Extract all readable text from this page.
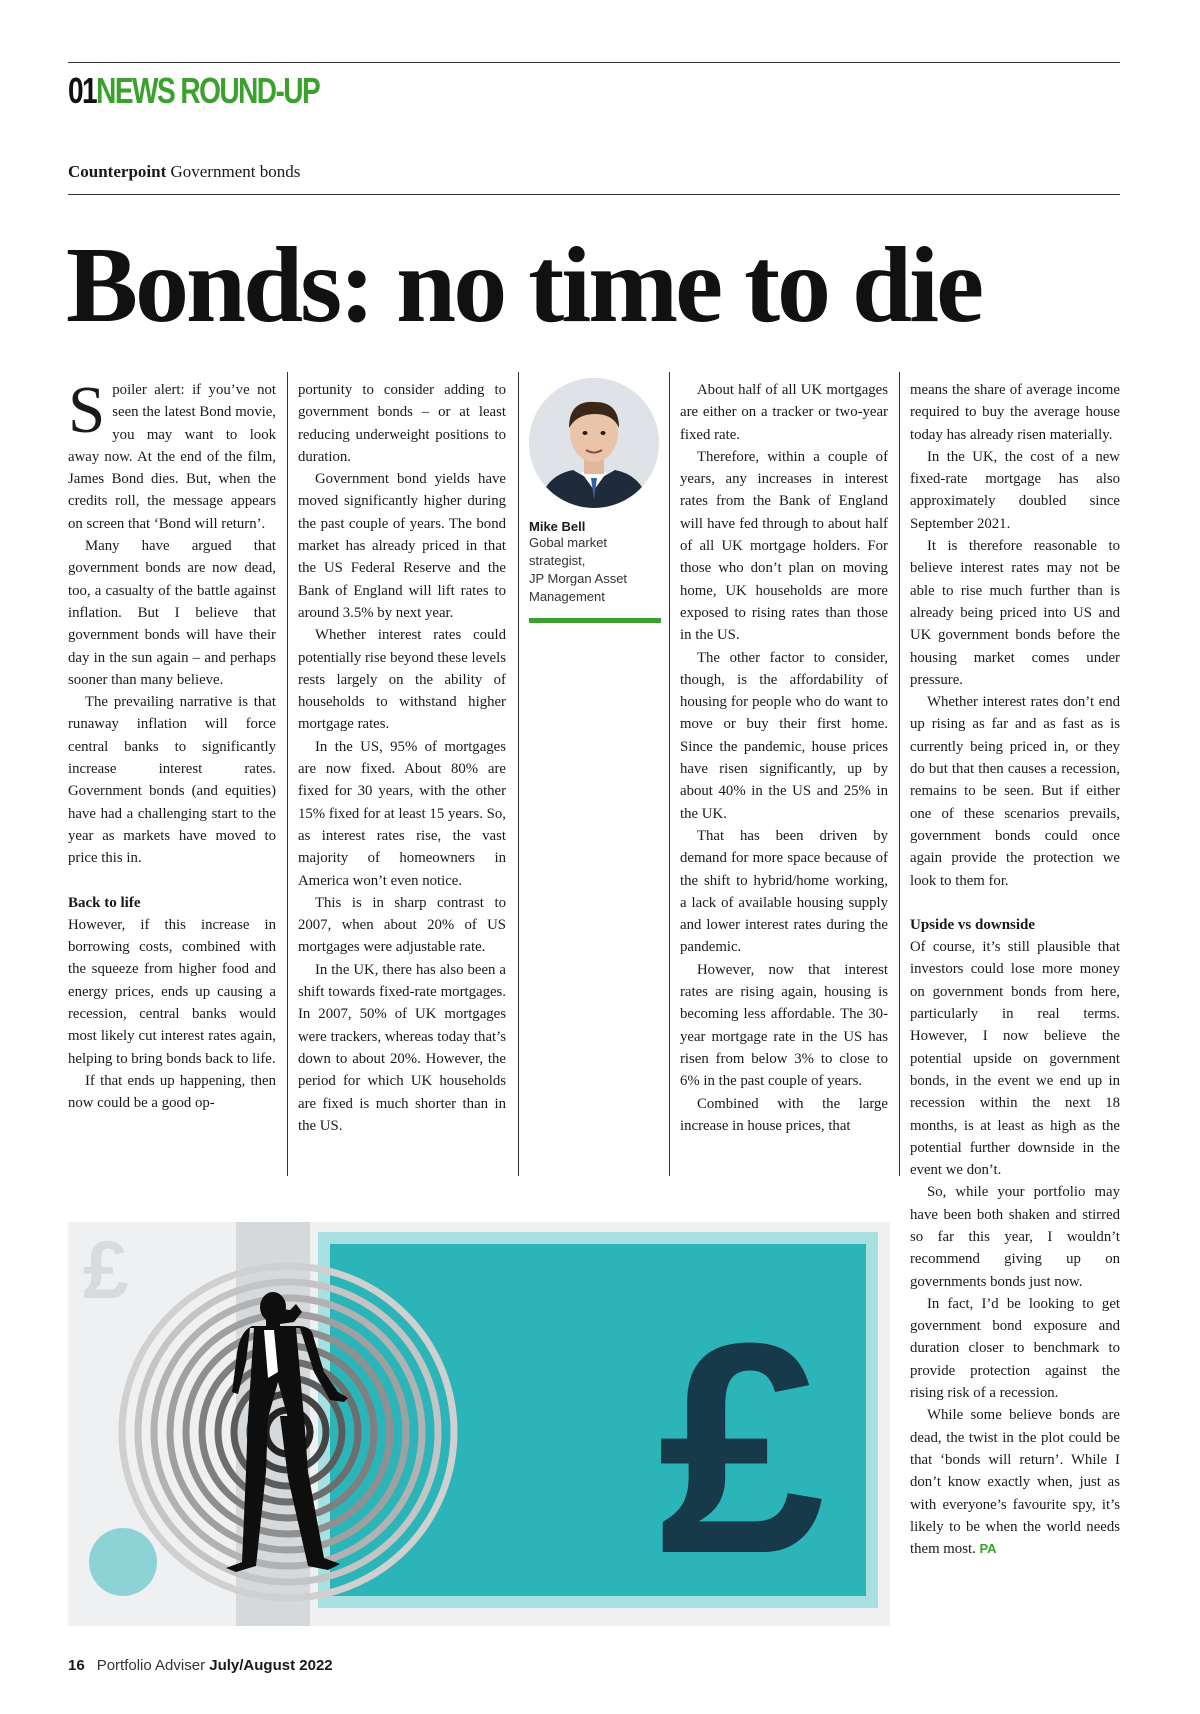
01NEWS ROUND-UP
Counterpoint Government bonds
Bonds: no time to die

Spoiler alert: if you’ve not seen the latest Bond movie, you may want to look away now. At the end of the film, James Bond dies. But, when the credits roll, the message appears on screen that ‘Bond will return’.

Many have argued that government bonds are now dead, too, a casualty of the battle against inflation. But I believe that government bonds will have their day in the sun again – and perhaps sooner than many believe.

The prevailing narrative is that runaway inflation will force central banks to significantly increase interest rates. Government bonds (and equities) have had a challenging start to the year as markets have moved to price this in.

Back to life

However, if this increase in borrowing costs, combined with the squeeze from higher food and energy prices, ends up causing a recession, central banks would most likely cut interest rates again, helping to bring bonds back to life.

If that ends up happening, then now could be a good op-

portunity to consider adding to government bonds – or at least reducing underweight positions to duration.

Government bond yields have moved significantly higher during the past couple of years. The bond market has already priced in that the US Federal Reserve and the Bank of England will lift rates to around 3.5% by next year.

Whether interest rates could potentially rise beyond these levels rests largely on the ability of households to withstand higher mortgage rates.

In the US, 95% of mortgages are now fixed. About 80% are fixed for 30 years, with the other 15% fixed for at least 15 years. So, as interest rates rise, the vast majority of homeowners in America won’t even notice.

This is in sharp contrast to 2007, when about 20% of US mortgages were adjustable rate.

In the UK, there has also been a shift towards fixed-rate mortgages. In 2007, 50% of UK mortgages were trackers, whereas today that’s down to about 20%. However, the period for which UK households are fixed is much shorter than in the US.

Mike Bell
Gobal market
strategist,
JP Morgan Asset
Management

About half of all UK mortgages are either on a tracker or two-year fixed rate.

Therefore, within a couple of years, any increases in interest rates from the Bank of England will have fed through to about half of all UK mortgage holders. For those who don’t plan on moving home, UK households are more exposed to rising rates than those in the US.

The other factor to consider, though, is the affordability of housing for people who do want to move or buy their first home. Since the pandemic, house prices have risen significantly, up by about 40% in the US and 25% in the UK.

That has been driven by demand for more space because of the shift to hybrid/home working, a lack of available housing supply and lower interest rates during the pandemic.

However, now that interest rates are rising again, housing is becoming less affordable. The 30-year mortgage rate in the US has risen from below 3% to close to 6% in the past couple of years.

Combined with the large increase in house prices, that

means the share of average income required to buy the average house today has already risen materially.

In the UK, the cost of a new fixed-rate mortgage has also approximately doubled since September 2021.

It is therefore reasonable to believe interest rates may not be able to rise much further than is already being priced into US and UK government bonds before the housing market comes under pressure.

Whether interest rates don’t end up rising as far and as fast as is currently being priced in, or they do but that then causes a recession, remains to be seen. But if either one of these scenarios prevails, government bonds could once again provide the protection we look to them for.

Upside vs downside

Of course, it’s still plausible that investors could lose more money on government bonds from here, particularly in real terms. However, I now believe the potential upside on government bonds, in the event we end up in recession within the next 18 months, is at least as high as the potential further downside in the event we don’t.

So, while your portfolio may have been both shaken and stirred so far this year, I wouldn’t recommend giving up on governments bonds just now.

In fact, I’d be looking to get government bond exposure and duration closer to benchmark to provide protection against the rising risk of a recession.

While some believe bonds are dead, the twist in the plot could be that ‘bonds will return’. While I don’t know exactly when, just as with everyone’s favourite spy, it’s likely to be when the world needs them most. PA

£
£
16 Portfolio Adviser July/August 2022
